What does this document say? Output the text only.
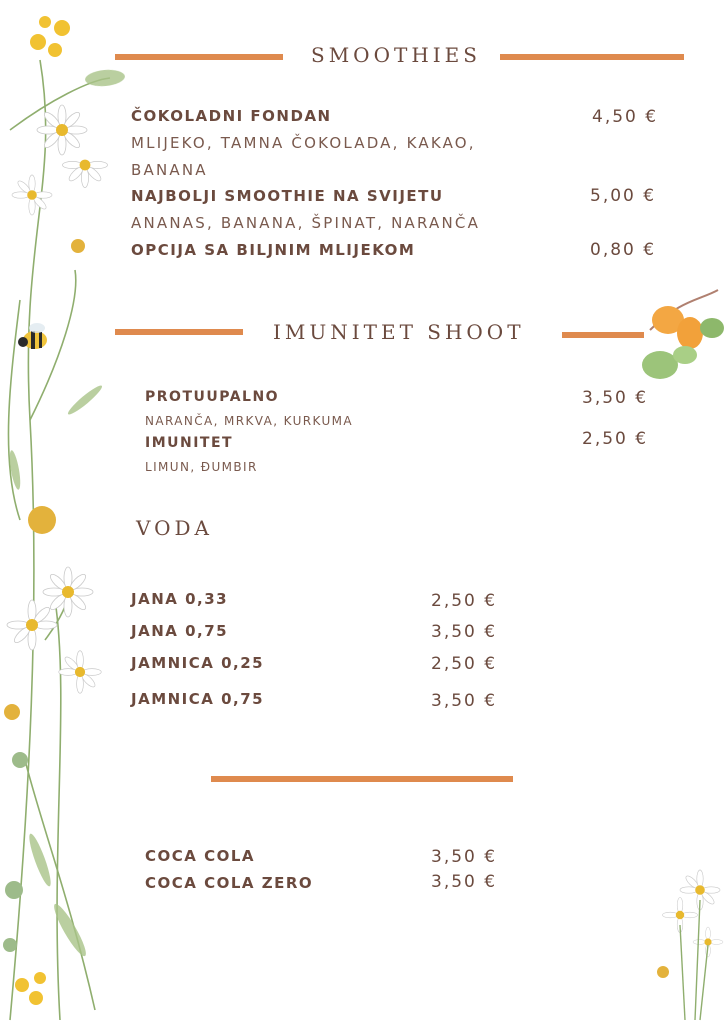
SMOOTHIES
ČOKOLADNI FONDAN	4,50 €
MLIJEKO, TAMNA ČOKOLADA, KAKAO,
BANANA
NAJBOLJI SMOOTHIE NA SVIJETU	5,00 €
ANANAS, BANANA, ŠPINAT, NARANČA
OPCIJA SA BILJNIM MLIJEKOM	0,80 €
IMUNITET SHOOT
PROTUUPALNO	3,50 €
NARANČA, MRKVA, KURKUMA
IMUNITET	2,50 €
LIMUN, ĐUMBIR
VODA
JANA 0,33	2,50 €
JANA 0,75	3,50 €
JAMNICA 0,25	2,50 €
JAMNICA 0,75	3,50 €
COCA COLA	3,50 €
COCA COLA ZERO	3,50 €
